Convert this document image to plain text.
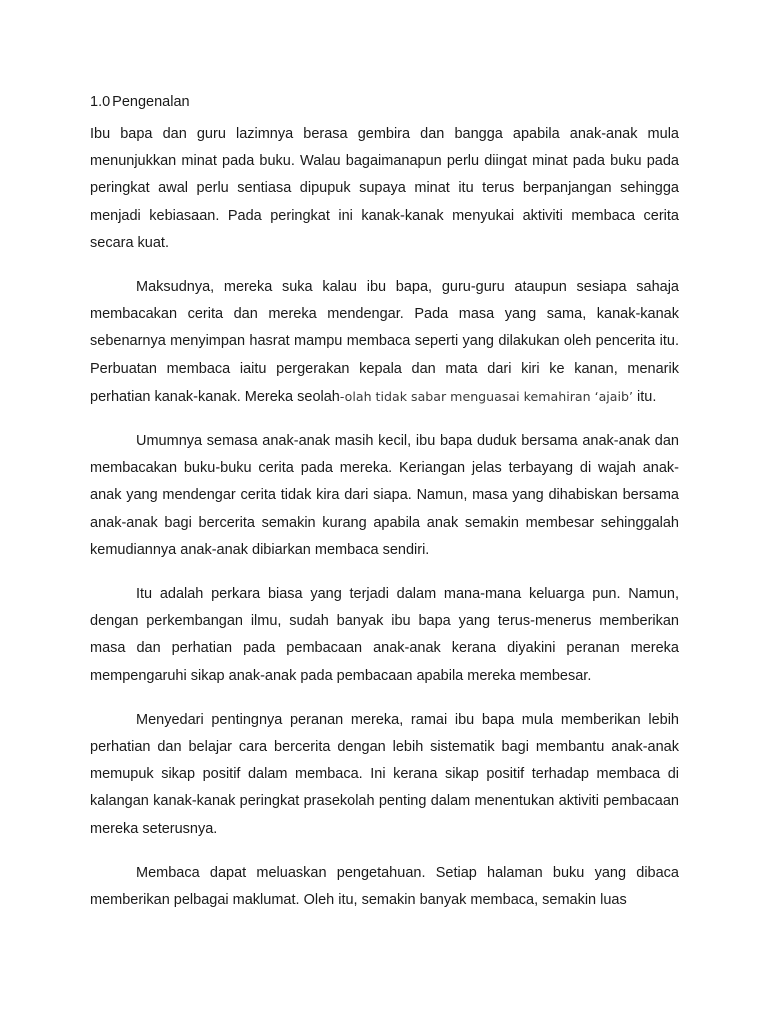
1.0 Pengenalan

Ibu bapa dan guru lazimnya berasa gembira dan bangga apabila anak-anak mula menunjukkan minat pada buku. Walau bagaimanapun perlu diingat minat pada buku pada peringkat awal perlu sentiasa dipupuk supaya minat itu terus berpanjangan sehingga menjadi kebiasaan. Pada peringkat ini kanak-kanak menyukai aktiviti membaca cerita secara kuat.

Maksudnya, mereka suka kalau ibu bapa, guru-guru ataupun sesiapa sahaja membacakan cerita dan mereka mendengar. Pada masa yang sama, kanak-kanak sebenarnya menyimpan hasrat mampu membaca seperti yang dilakukan oleh pencerita itu. Perbuatan membaca iaitu pergerakan kepala dan mata dari kiri ke kanan, menarik perhatian kanak-kanak. Mereka seolah-olah tidak sabar menguasai kemahiran ‘ajaib’ itu.

Umumnya semasa anak-anak masih kecil, ibu bapa duduk bersama anak-anak dan membacakan buku-buku cerita pada mereka. Keriangan jelas terbayang di wajah anak-anak yang mendengar cerita tidak kira dari siapa. Namun, masa yang dihabiskan bersama anak-anak bagi bercerita semakin kurang apabila anak semakin membesar sehinggalah kemudiannya anak-anak dibiarkan membaca sendiri.

Itu adalah perkara biasa yang terjadi dalam mana-mana keluarga pun. Namun, dengan perkembangan ilmu, sudah banyak ibu bapa yang terus-menerus memberikan masa dan perhatian pada pembacaan anak-anak kerana diyakini peranan mereka mempengaruhi sikap anak-anak pada pembacaan apabila mereka membesar.

Menyedari pentingnya peranan mereka, ramai ibu bapa mula memberikan lebih perhatian dan belajar cara bercerita dengan lebih sistematik bagi membantu anak-anak memupuk sikap positif dalam membaca. Ini kerana sikap positif terhadap membaca di kalangan kanak-kanak peringkat prasekolah penting dalam menentukan aktiviti pembacaan mereka seterusnya.

Membaca dapat meluaskan pengetahuan. Setiap halaman buku yang dibaca memberikan pelbagai maklumat. Oleh itu, semakin banyak membaca, semakin luas
